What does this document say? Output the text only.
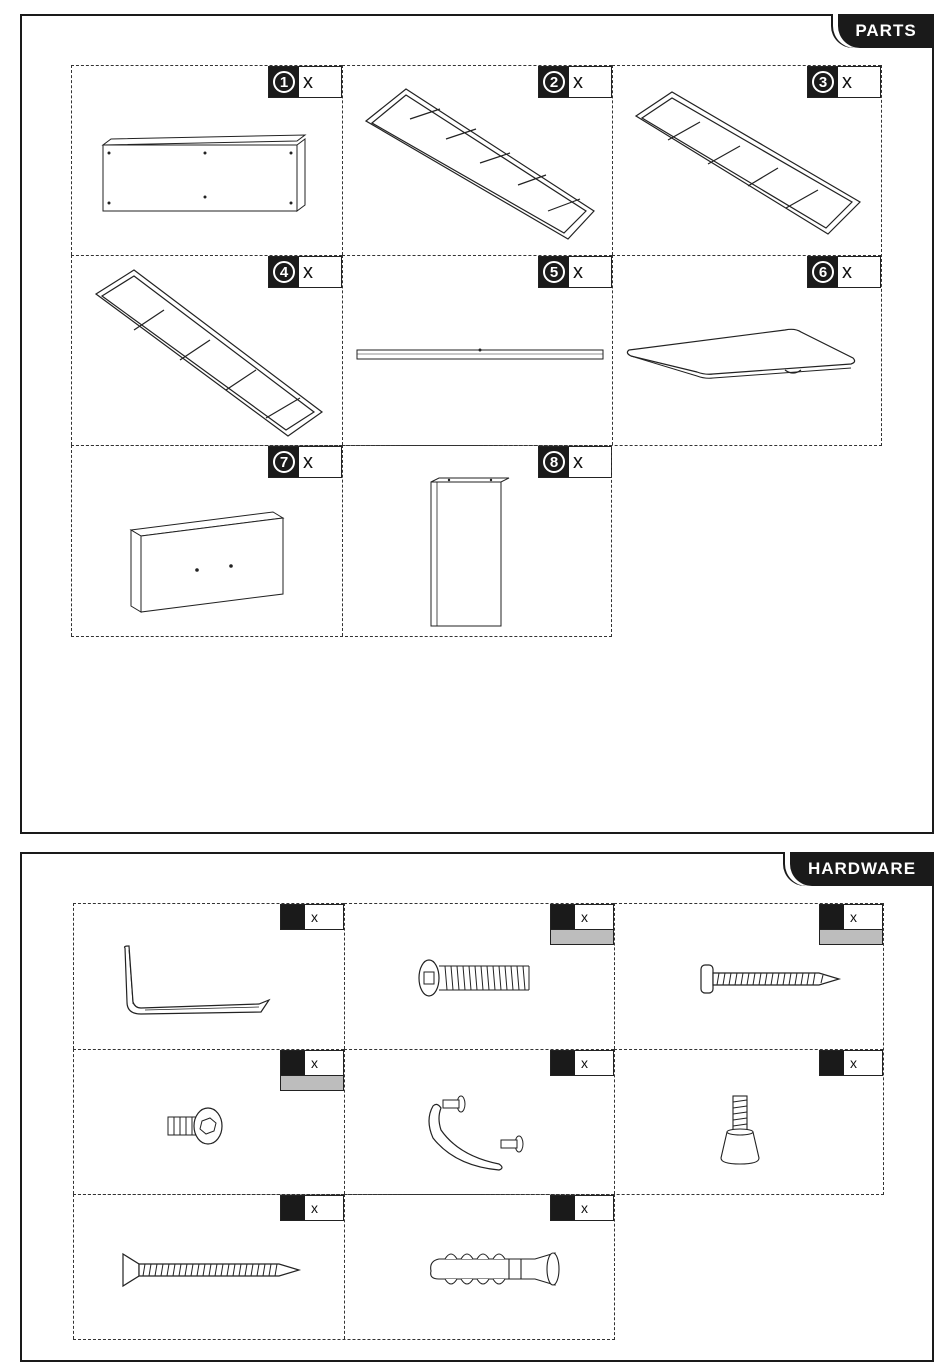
PARTS
1 x	2 x	3 x
4 x	5 x	6 x
7 x	8 x
HARDWARE
x	x	x
x	x	x
x	x
